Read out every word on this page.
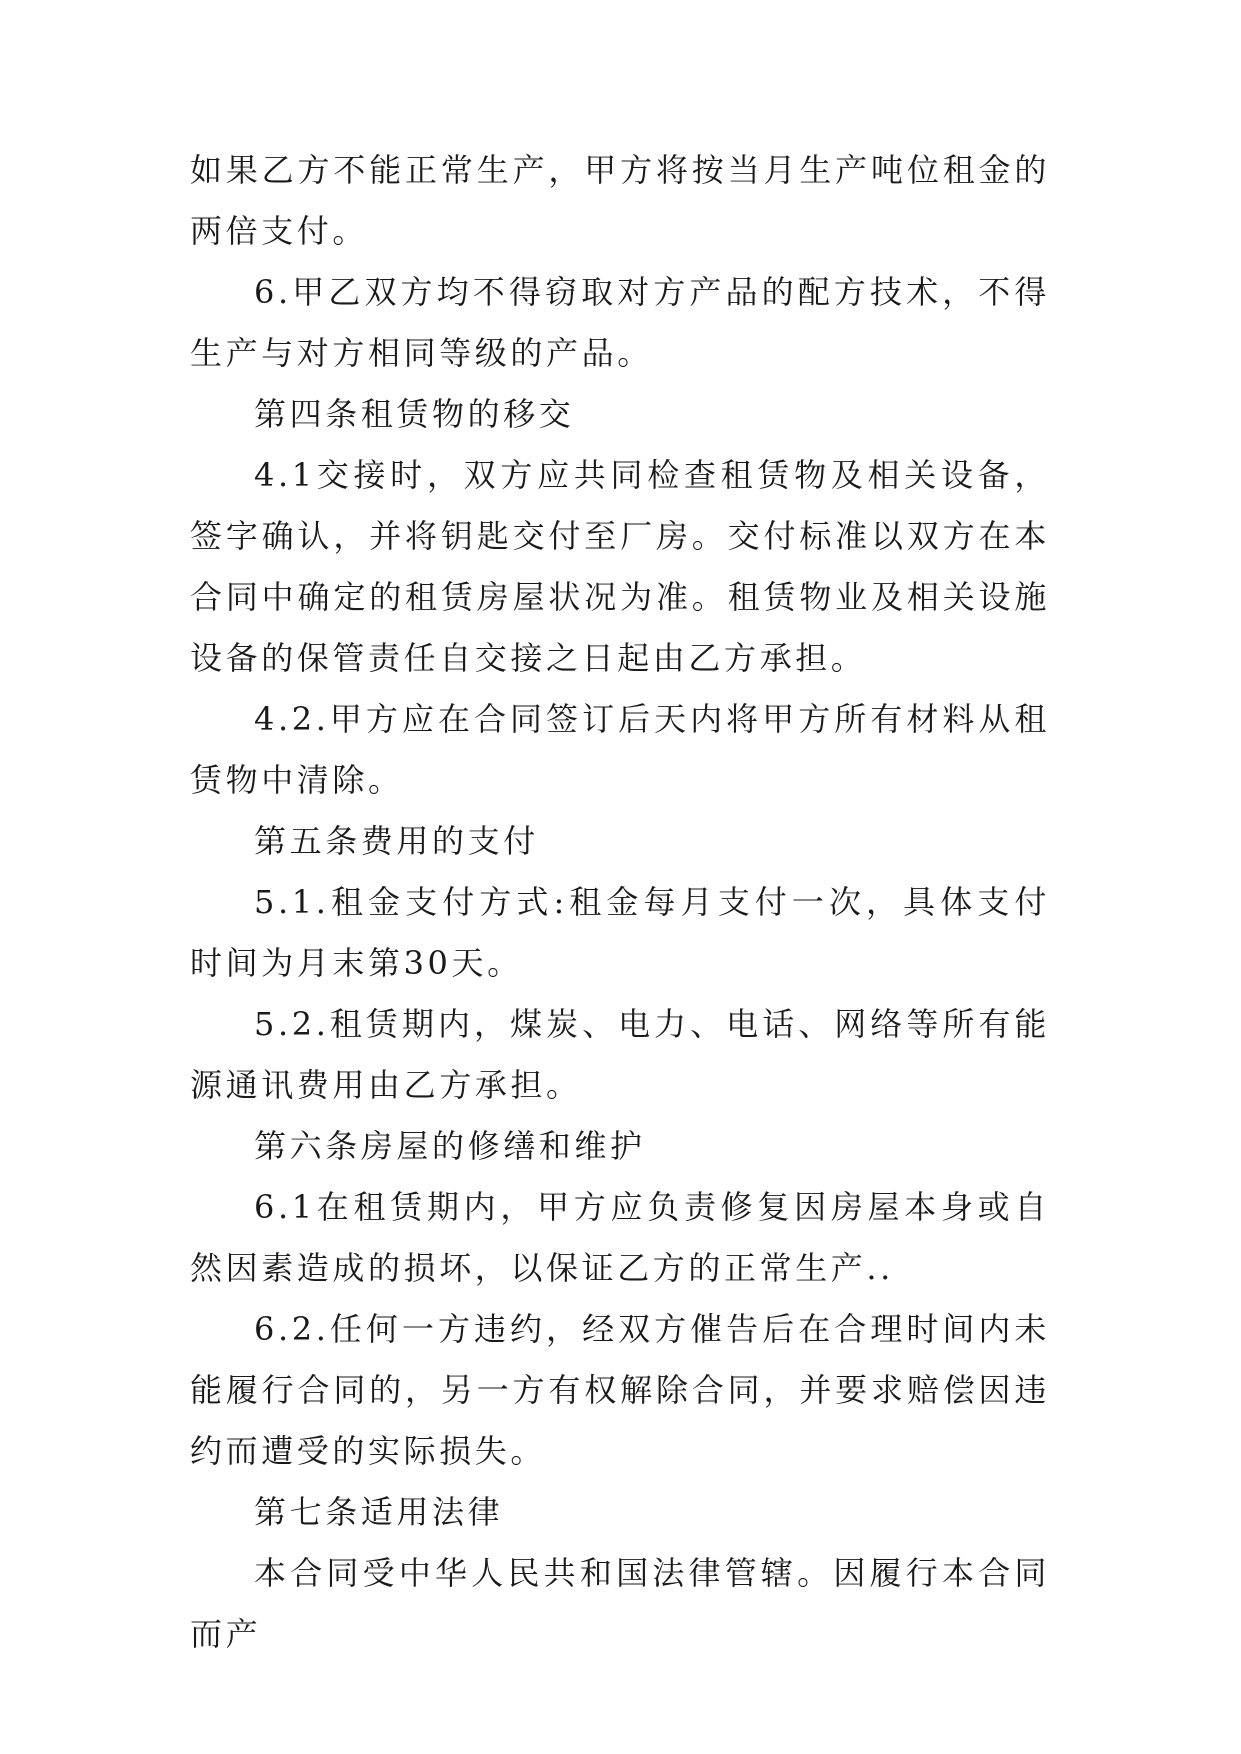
如果乙方不能正常生产，甲方将按当月生产吨位租金的两倍支付。

6.甲乙双方均不得窃取对方产品的配方技术，不得生产与对方相同等级的产品。

第四条租赁物的移交

4.1交接时，双方应共同检查租赁物及相关设备，签字确认，并将钥匙交付至厂房。交付标准以双方在本合同中确定的租赁房屋状况为准。租赁物业及相关设施设备的保管责任自交接之日起由乙方承担。

4.2.甲方应在合同签订后天内将甲方所有材料从租赁物中清除。

第五条费用的支付

5.1.租金支付方式:租金每月支付一次，具体支付时间为月末第30天。

5.2.租赁期内，煤炭、电力、电话、网络等所有能源通讯费用由乙方承担。

第六条房屋的修缮和维护

6.1在租赁期内，甲方应负责修复因房屋本身或自然因素造成的损坏，以保证乙方的正常生产..

6.2.任何一方违约，经双方催告后在合理时间内未能履行合同的，另一方有权解除合同，并要求赔偿因违约而遭受的实际损失。

第七条适用法律

本合同受中华人民共和国法律管辖。因履行本合同而产
